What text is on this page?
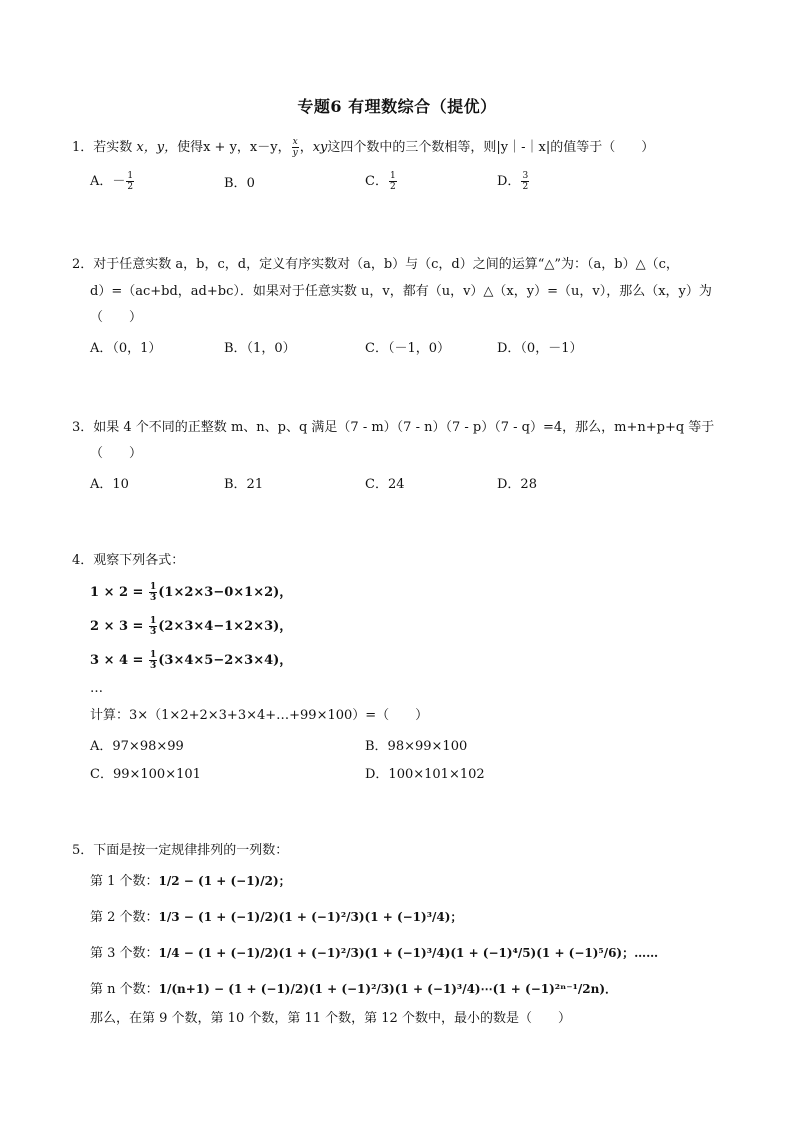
专题6 有理数综合（提优）
1．若实数 x，y，使得x + y，x－y， $\frac{x}{y}$ ，xy这四个数中的三个数相等，则|y｜-｜x|的值等于（　　）
A．－ $\frac{1}{2}$	B．0	C． $\frac{1}{2}$	D． $\frac{3}{2}$
2．对于任意实数 a，b，c，d，定义有序实数对（a，b）与（c，d）之间的运算“△”为：（a，b）△（c，
d）=（ac+bd，ad+bc）．如果对于任意实数 u，v，都有（u，v）△（x，y）=（u，v），那么（x，y）为
（　　）
A．（0，1）	B．（1，0）	C．（－1，0）	D．（0，－1）
3．如果 4 个不同的正整数 m、n、p、q 满足（7 - m）（7 - n）（7 - p）（7 - q）=4，那么，m+n+p+q 等于
（　　）
A．10	B．21	C．24	D．28
4．观察下列各式：
$1 \times 2 = \frac{1}{3} (1\times 2\times 3-0\times 1\times 2)$，
$2 \times 3 = \frac{1}{3} (2\times 3\times 4-1\times 2\times 3)$，
$3 \times 4 = \frac{1}{3} (3\times 4\times 5-2\times 3\times 4)$，
…
计算：3×（1×2+2×3+3×4+…+99×100）=（　　）
A．97×98×99	B．98×99×100
C．99×100×101	D．100×101×102
5．下面是按一定规律排列的一列数：
第 1 个数：1/2 − (1 + (−1)/2)；
第 2 个数：1/3 − (1 + (−1)/2)(1 + (−1)²/3)(1 + (−1)³/4)；
第 3 个数：1/4 − (1 + (−1)/2)(1 + (−1)²/3)(1 + (−1)³/4)(1 + (−1)⁴/5)(1 + (−1)⁵/6)；……
第 n 个数：1/(n+1) − (1 + (−1)/2)(1 + (−1)²/3)(1 + (−1)³/4)⋯(1 + (−1)²ⁿ⁻¹/2n)．
那么，在第 9 个数，第 10 个数，第 11 个数，第 12 个数中，最小的数是（　　）
